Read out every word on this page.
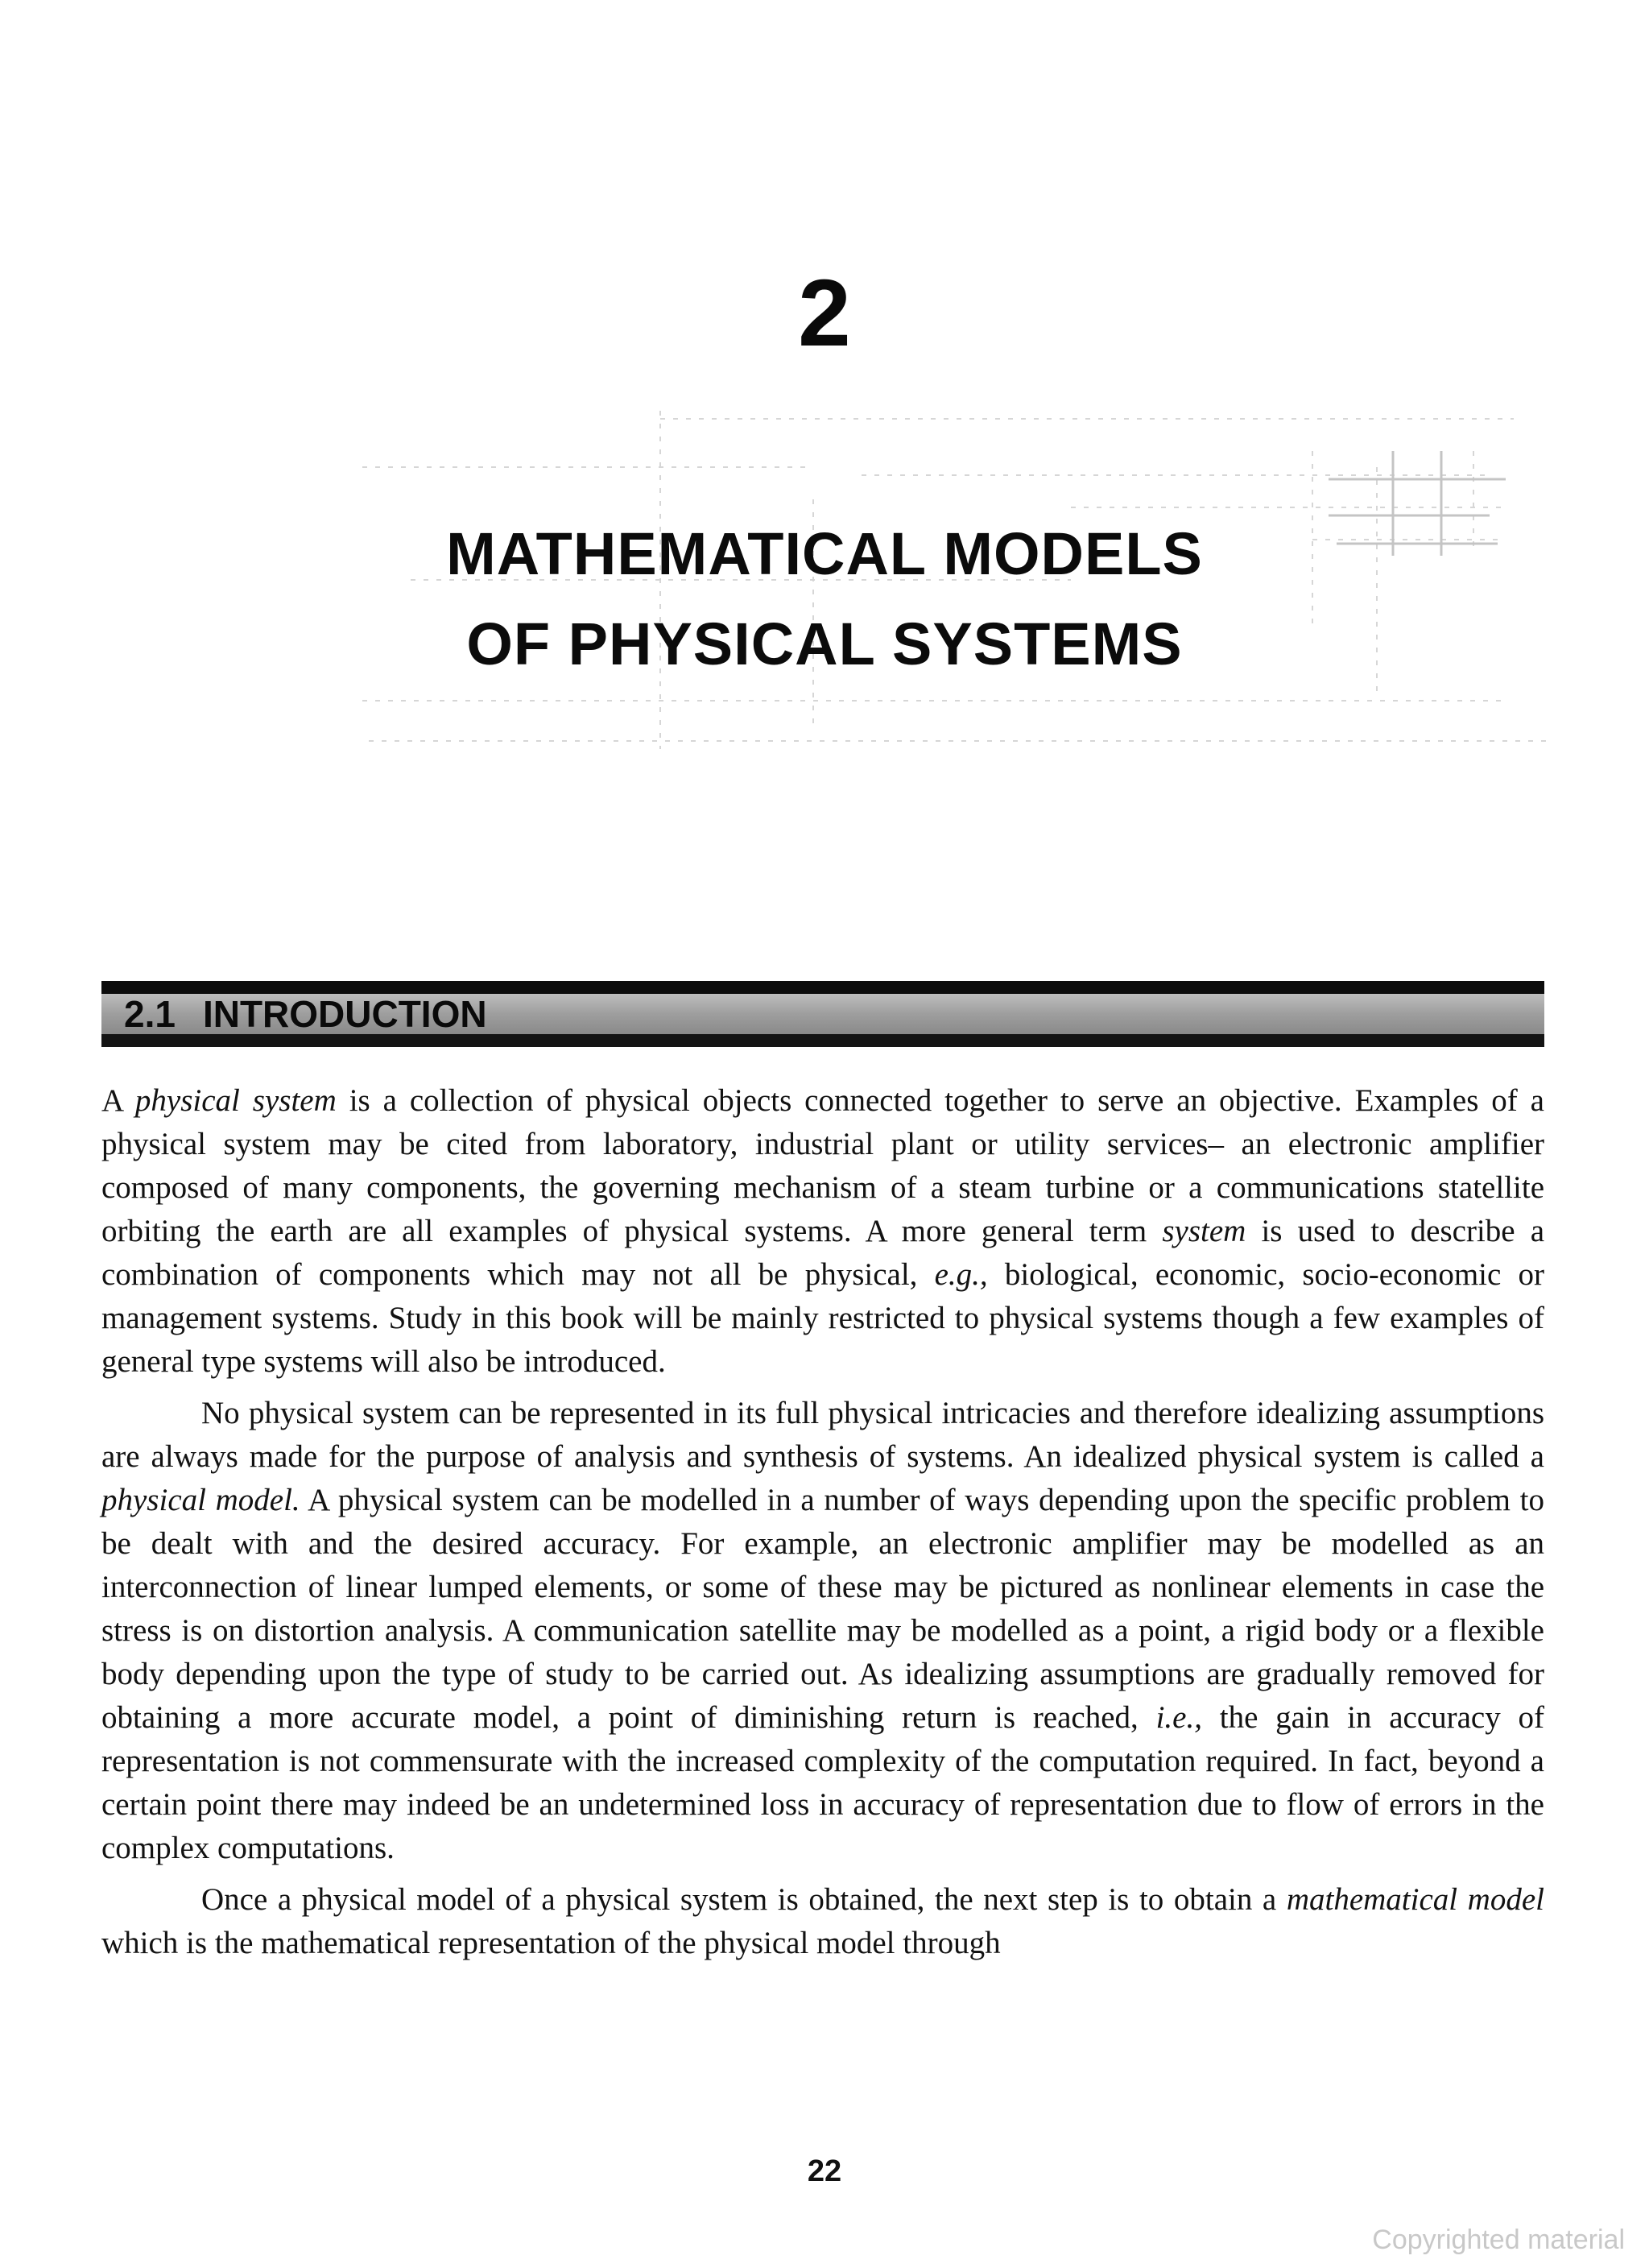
2
MATHEMATICAL MODELS
OF PHYSICAL SYSTEMS
2.1 INTRODUCTION

A physical system is a collection of physical objects connected together to serve an objective. Examples of a physical system may be cited from laboratory, industrial plant or utility services– an electronic amplifier composed of many components, the governing mechanism of a steam turbine or a communications statellite orbiting the earth are all examples of physical systems. A more general term system is used to describe a combination of components which may not all be physical, e.g., biological, economic, socio-economic or management systems. Study in this book will be mainly restricted to physical systems though a few examples of general type systems will also be introduced.

No physical system can be represented in its full physical intricacies and therefore idealizing assumptions are always made for the purpose of analysis and synthesis of systems. An idealized physical system is called a physical model. A physical system can be modelled in a number of ways depending upon the specific problem to be dealt with and the desired accuracy. For example, an electronic amplifier may be modelled as an interconnection of linear lumped elements, or some of these may be pictured as nonlinear elements in case the stress is on distortion analysis. A communication satellite may be modelled as a point, a rigid body or a flexible body depending upon the type of study to be carried out. As idealizing assumptions are gradually removed for obtaining a more accurate model, a point of diminishing return is reached, i.e., the gain in accuracy of representation is not commensurate with the increased complexity of the computation required. In fact, beyond a certain point there may indeed be an undetermined loss in accuracy of representation due to flow of errors in the complex computations.

Once a physical model of a physical system is obtained, the next step is to obtain a mathematical model which is the mathematical representation of the physical model through

22
Copyrighted material
